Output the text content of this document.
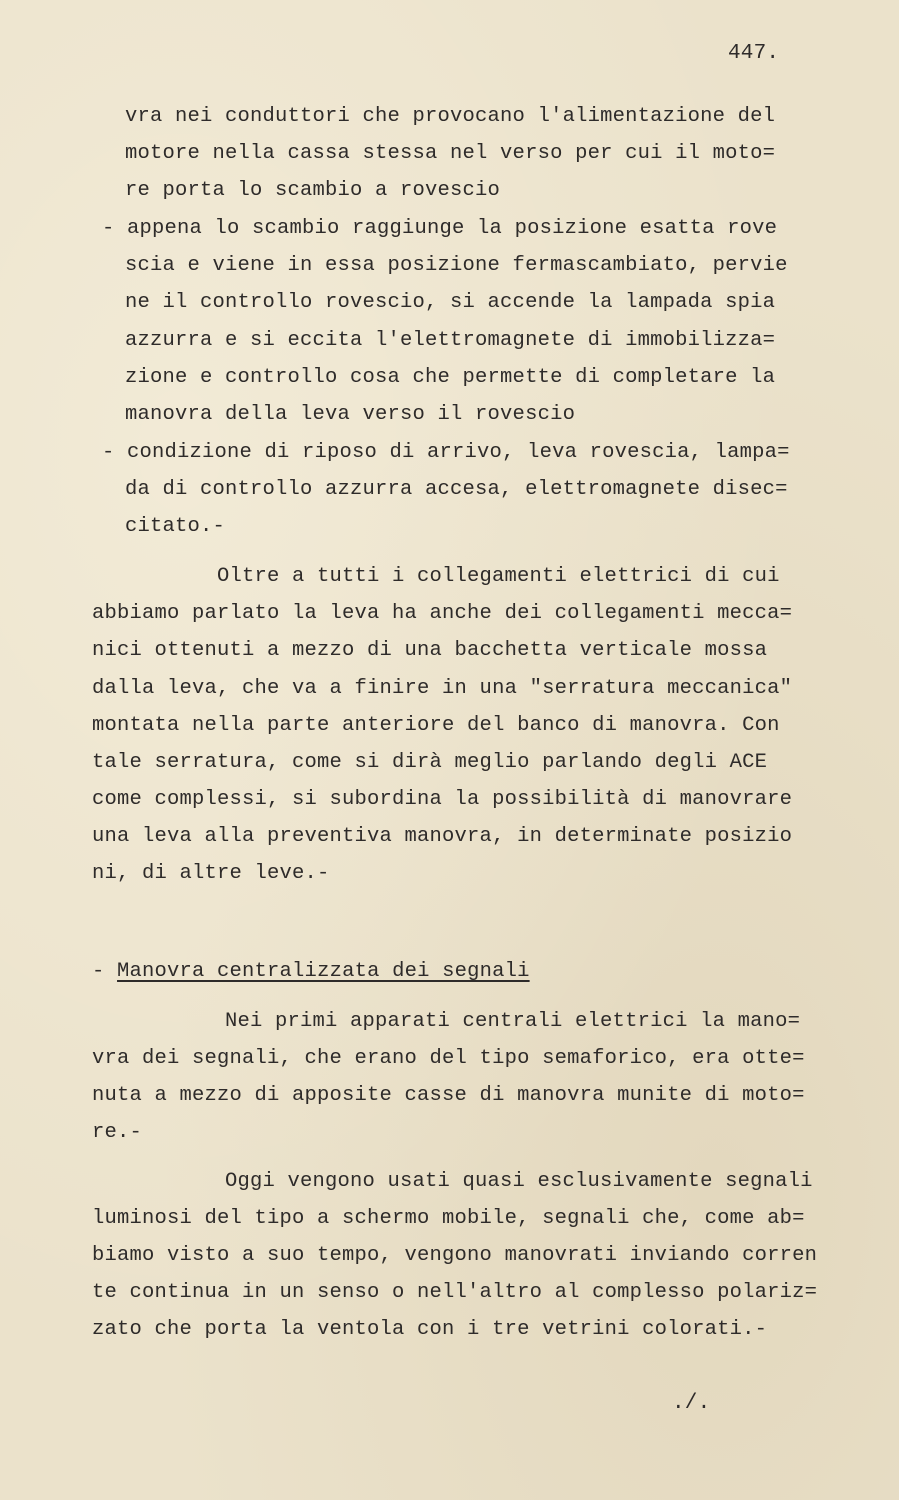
447.
vra nei conduttori che provocano l'alimentazione del
motore nella cassa stessa nel verso per cui il moto=
re porta lo scambio a rovescio
- appena lo scambio raggiunge la posizione esatta rove
scia e viene in essa posizione fermascambiato, pervie
ne il controllo rovescio, si accende la lampada spia
azzurra e si eccita l'elettromagnete di immobilizza=
zione e controllo cosa che permette di completare la
manovra della leva verso il rovescio
- condizione di riposo di arrivo, leva rovescia, lampa=
da di controllo azzurra accesa, elettromagnete disec=
citato.-
Oltre a tutti i collegamenti elettrici di cui
abbiamo parlato la leva ha anche dei collegamenti mecca=
nici ottenuti a mezzo di una bacchetta verticale mossa
dalla leva, che va a finire in una "serratura meccanica"
montata nella parte anteriore del banco di manovra. Con
tale serratura, come si dirà meglio parlando degli ACE
come complessi, si subordina la possibilità di manovrare
una leva alla preventiva manovra, in determinate posizio
ni, di altre leve.-
- Manovra centralizzata dei segnali
Nei primi apparati centrali elettrici la mano=
vra dei segnali, che erano del tipo semaforico, era otte=
nuta a mezzo di apposite casse di manovra munite di moto=
re.-
Oggi vengono usati quasi esclusivamente segnali
luminosi del tipo a schermo mobile, segnali che, come ab=
biamo visto a suo tempo, vengono manovrati inviando corren
te continua in un senso o nell'altro al complesso polariz=
zato che porta la ventola con i tre vetrini colorati.-
./.
